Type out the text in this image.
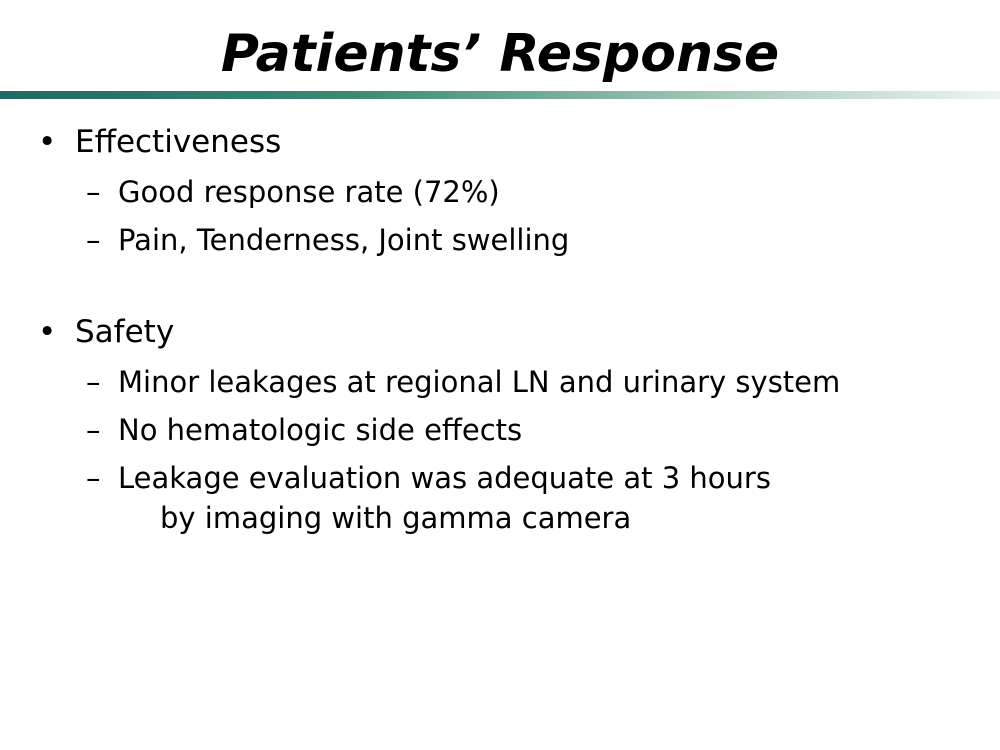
Patients’ Response
• Effectiveness
– Good response rate (72%)
– Pain, Tenderness, Joint swelling
• Safety
– Minor leakages at regional LN and urinary system
– No hematologic side effects
– Leakage evaluation was adequate at 3 hours
by imaging with gamma camera
